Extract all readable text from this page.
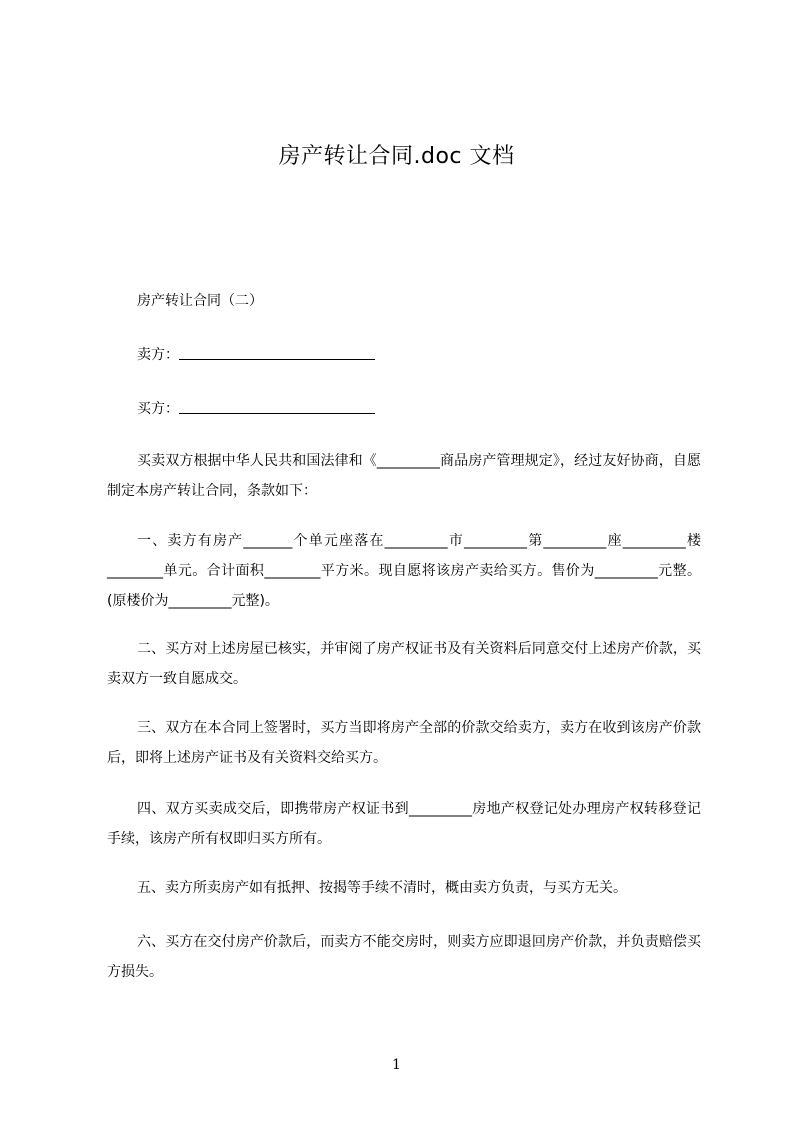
房产转让合同.doc 文档

房产转让合同（二）

卖方：

买方：

买卖双方根据中华人民共和国法律和《_________商品房产管理规定》，经过友好协商，自愿制定本房产转让合同，条款如下：

一、卖方有房产_______个单元座落在_________市_________第_________座_________楼________单元。合计面积________平方米。现自愿将该房产卖给买方。售价为_________元整。(原楼价为_________元整)。

二、买方对上述房屋已核实，并审阅了房产权证书及有关资料后同意交付上述房产价款，买卖双方一致自愿成交。

三、双方在本合同上签署时，买方当即将房产全部的价款交给卖方，卖方在收到该房产价款后，即将上述房产证书及有关资料交给买方。

四、双方买卖成交后，即携带房产权证书到_________房地产权登记处办理房产权转移登记手续，该房产所有权即归买方所有。

五、卖方所卖房产如有抵押、按揭等手续不清时，概由卖方负责，与买方无关。

六、买方在交付房产价款后，而卖方不能交房时，则卖方应即退回房产价款，并负责赔偿买方损失。

1
